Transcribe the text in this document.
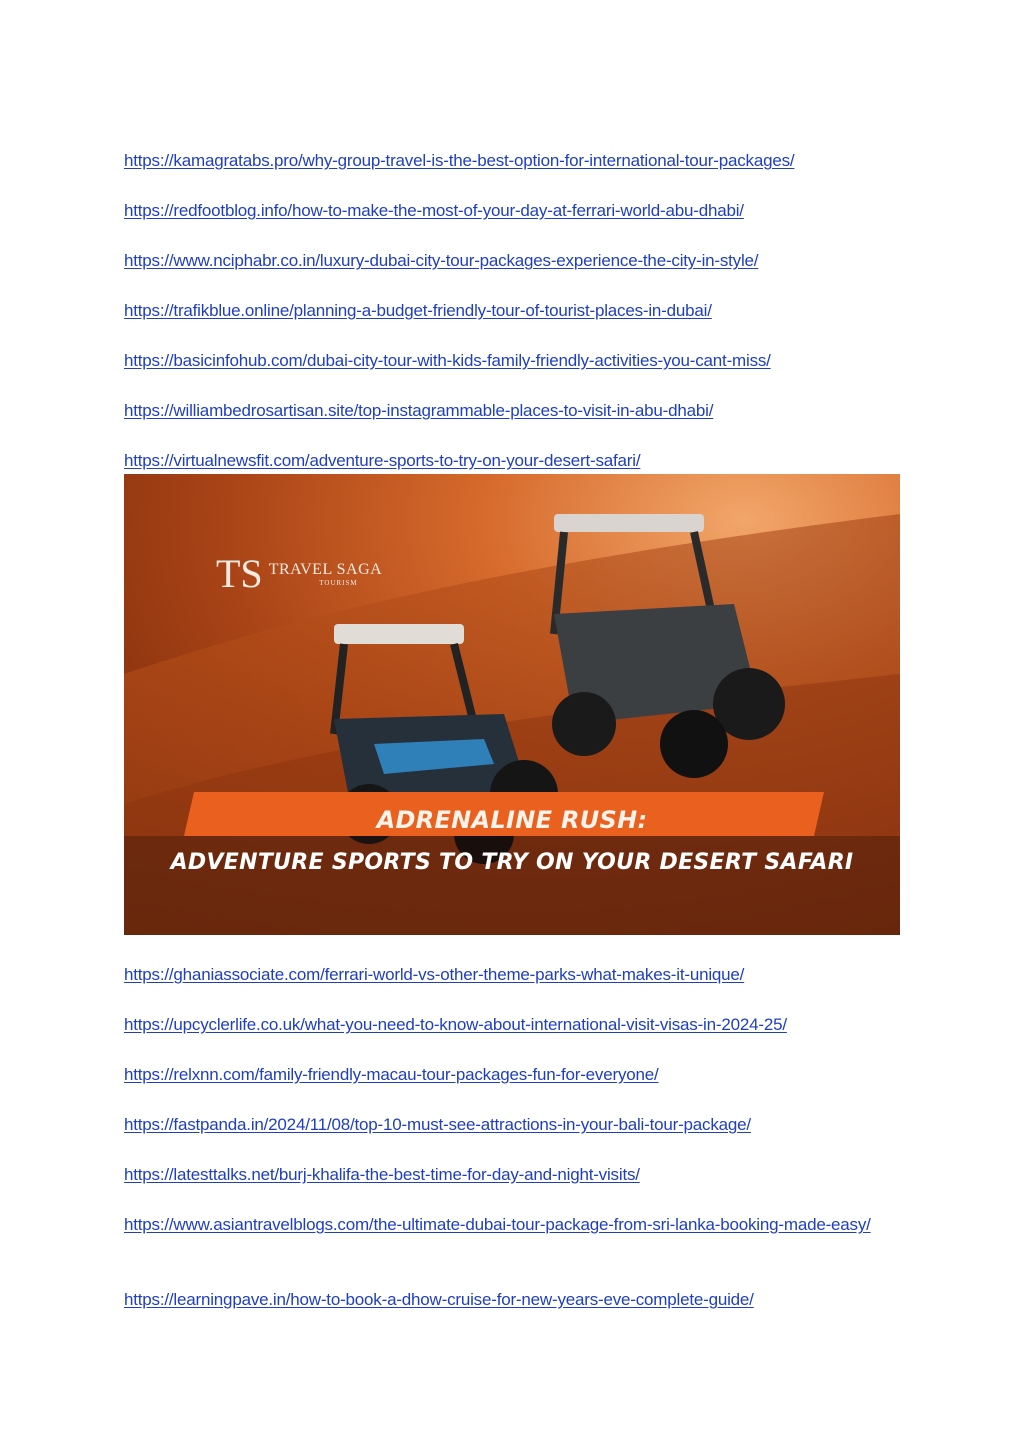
https://kamagratabs.pro/why-group-travel-is-the-best-option-for-international-tour-packages/
https://redfootblog.info/how-to-make-the-most-of-your-day-at-ferrari-world-abu-dhabi/
https://www.nciphabr.co.in/luxury-dubai-city-tour-packages-experience-the-city-in-style/
https://trafikblue.online/planning-a-budget-friendly-tour-of-tourist-places-in-dubai/
https://basicinfohub.com/dubai-city-tour-with-kids-family-friendly-activities-you-cant-miss/
https://williambedrosartisan.site/top-instagrammable-places-to-visit-in-abu-dhabi/
https://virtualnewsfit.com/adventure-sports-to-try-on-your-desert-safari/
TS TRAVEL SAGA
TOURISM
ADRENALINE RUSH:
ADVENTURE SPORTS TO TRY ON YOUR DESERT SAFARI
https://ghaniassociate.com/ferrari-world-vs-other-theme-parks-what-makes-it-unique/
https://upcyclerlife.co.uk/what-you-need-to-know-about-international-visit-visas-in-2024-25/
https://relxnn.com/family-friendly-macau-tour-packages-fun-for-everyone/
https://fastpanda.in/2024/11/08/top-10-must-see-attractions-in-your-bali-tour-package/
https://latesttalks.net/burj-khalifa-the-best-time-for-day-and-night-visits/
https://www.asiantravelblogs.com/the-ultimate-dubai-tour-package-from-sri-lanka-booking-made-easy/
https://learningpave.in/how-to-book-a-dhow-cruise-for-new-years-eve-complete-guide/
